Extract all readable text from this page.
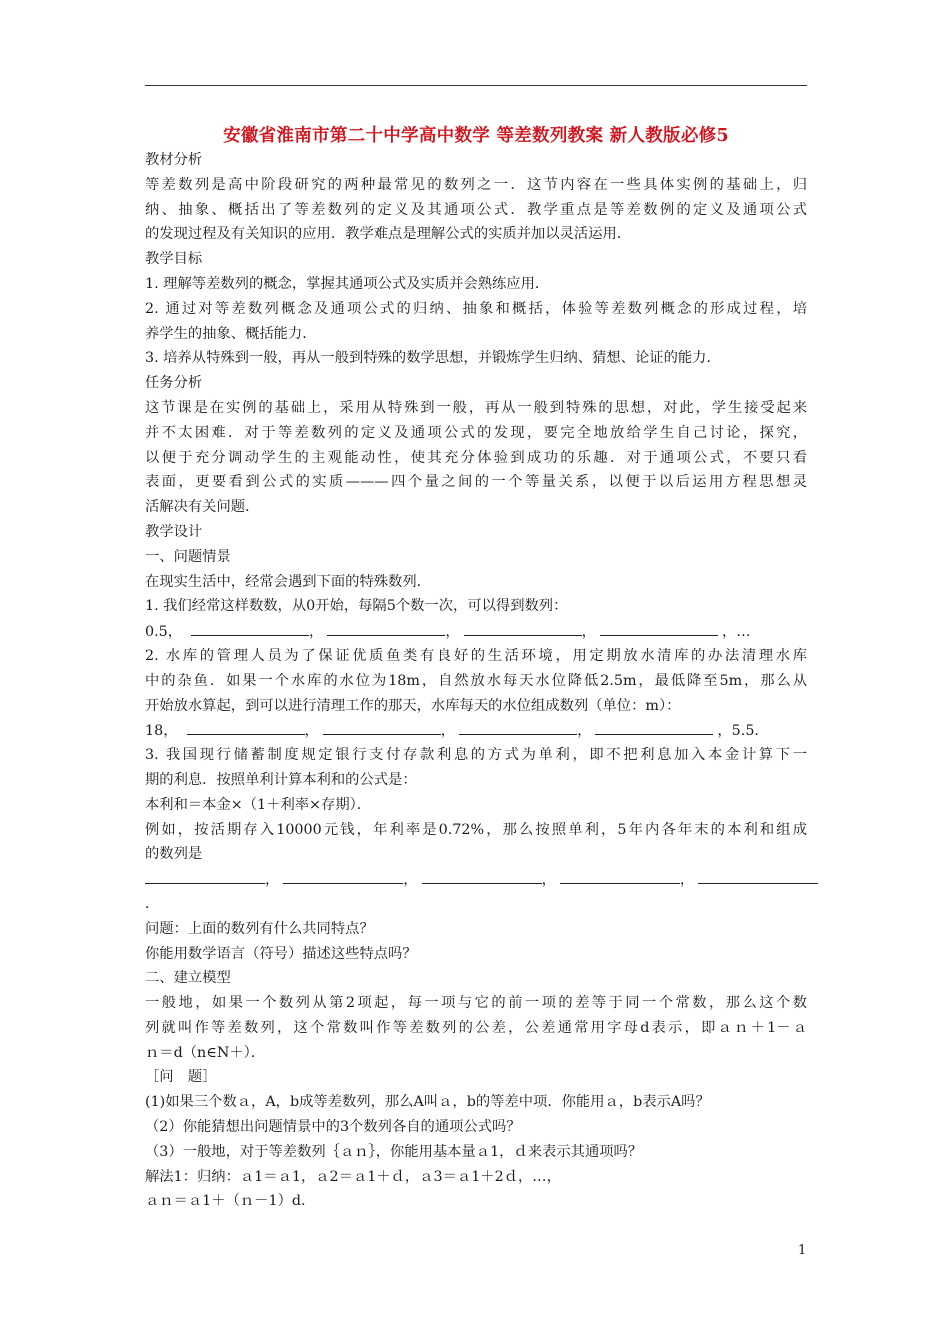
安徽省淮南市第二十中学高中数学 等差数列教案 新人教版必修5
教材分析
等差数列是高中阶段研究的两种最常见的数列之一．这节内容在一些具体实例的基础上，归
纳、抽象、概括出了等差数列的定义及其通项公式．教学重点是等差数例的定义及通项公式
的发现过程及有关知识的应用．教学难点是理解公式的实质并加以灵活运用．
教学目标
1. 理解等差数列的概念，掌握其通项公式及实质并会熟练应用．
2. 通过对等差数列概念及通项公式的归纳、抽象和概括，体验等差数列概念的形成过程，培
养学生的抽象、概括能力．
3. 培养从特殊到一般，再从一般到特殊的数学思想，并锻炼学生归纳、猜想、论证的能力．
任务分析
这节课是在实例的基础上，采用从特殊到一般，再从一般到特殊的思想，对此，学生接受起来
并不太困难．对于等差数列的定义及通项公式的发现，要完全地放给学生自己讨论，探究，
以便于充分调动学生的主观能动性，使其充分体验到成功的乐趣．对于通项公式，不要只看
表面，更要看到公式的实质———四个量之间的一个等量关系，以便于以后运用方程思想灵
活解决有关问题．
教学设计
一、问题情景
在现实生活中，经常会遇到下面的特殊数列．
1. 我们经常这样数数，从0开始，每隔5个数一次，可以得到数列：
0.5，	，	，	，	，…
2. 水库的管理人员为了保证优质鱼类有良好的生活环境，用定期放水清库的办法清理水库
中的杂鱼．如果一个水库的水位为18m，自然放水每天水位降低2.5m，最低降至5m，那么从
开始放水算起，到可以进行清理工作的那天，水库每天的水位组成数列（单位：m）：
18，	，	，	，	，5.5．
3. 我国现行储蓄制度规定银行支付存款利息的方式为单利，即不把利息加入本金计算下一
期的利息．按照单利计算本利和的公式是：
本利和＝本金×（1＋利率×存期）．
例如，按活期存入10000元钱，年利率是0.72%，那么按照单利，5年内各年末的本利和组成
的数列是
，	，	，	，
．
问题：上面的数列有什么共同特点？
你能用数学语言（符号）描述这些特点吗？
二、建立模型
一般地，如果一个数列从第2项起，每一项与它的前一项的差等于同一个常数，那么这个数
列就叫作等差数列，这个常数叫作等差数列的公差，公差通常用字母d表示，即ａｎ＋1－ａ
ｎ＝d（n∈N＋）．
［问　题］
(1)如果三个数ａ，A，b成等差数列，那么A叫ａ，b的等差中项．你能用ａ，b表示A吗？
（2）你能猜想出问题情景中的3个数列各自的通项公式吗？
（3）一般地，对于等差数列｛ａｎ｝，你能用基本量ａ1，ｄ来表示其通项吗？
解法1：归纳：ａ1＝ａ1，ａ2＝ａ1＋ｄ，ａ3＝ａ1＋2ｄ，…，
ａｎ＝ａ1＋（ｎ－1）d.
1
